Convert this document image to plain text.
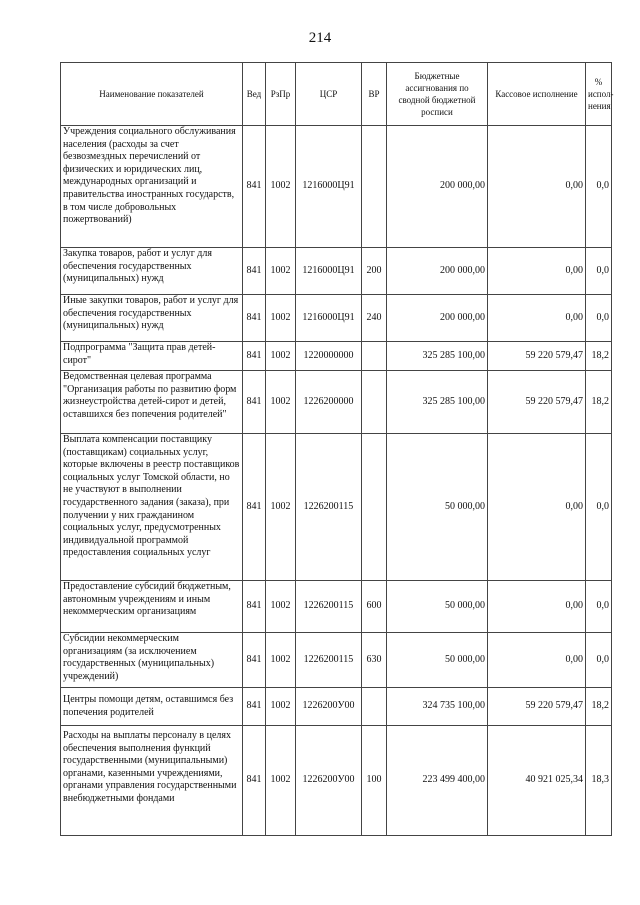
214
Наименование показателей	Вед	РзПр	ЦСР	ВР	Бюджетные ассигнования по сводной бюджетной росписи	Кассовое исполнение	% испол-нения

Учреждения социального обслуживания населения (расходы за счет безвозмездных перечислений от физических и юридических лиц, международных организаций и правительства иностранных государств, в том числе добровольных пожертвований)	841	1002	1216000Ц91		200 000,00	0,00	0,0

Закупка товаров, работ и услуг для обеспечения государственных (муниципальных) нужд	841	1002	1216000Ц91	200	200 000,00	0,00	0,0

Иные закупки товаров, работ и услуг для обеспечения государственных (муниципальных) нужд	841	1002	1216000Ц91	240	200 000,00	0,00	0,0

Подпрограмма "Защита прав детей-сирот"	841	1002	1220000000		325 285 100,00	59 220 579,47	18,2

Ведомственная целевая программа "Организация работы по развитию форм жизнеустройства детей-сирот и детей, оставшихся без попечения родителей"	841	1002	1226200000		325 285 100,00	59 220 579,47	18,2

Выплата компенсации поставщику (поставщикам) социальных услуг, которые включены в реестр поставщиков социальных услуг Томской области, но не участвуют в выполнении государственного задания (заказа), при получении у них гражданином социальных услуг, предусмотренных индивидуальной программой предоставления социальных услуг	841	1002	1226200115		50 000,00	0,00	0,0

Предоставление субсидий бюджетным, автономным учреждениям и иным некоммерческим организациям	841	1002	1226200115	600	50 000,00	0,00	0,0

Субсидии некоммерческим организациям (за исключением государственных (муниципальных) учреждений)	841	1002	1226200115	630	50 000,00	0,00	0,0

Центры помощи детям, оставшимся без попечения родителей	841	1002	1226200У00		324 735 100,00	59 220 579,47	18,2

Расходы на выплаты персоналу в целях обеспечения выполнения функций государственными (муниципальными) органами, казенными учреждениями, органами управления государственными внебюджетными фондами	841	1002	1226200У00	100	223 499 400,00	40 921 025,34	18,3
